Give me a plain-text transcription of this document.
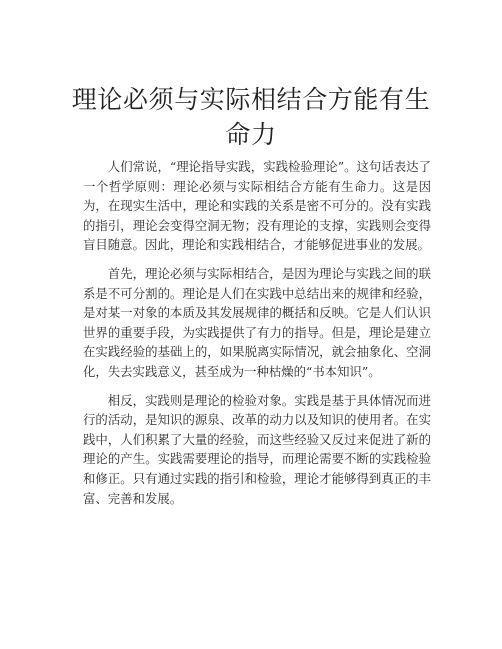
理论必须与实际相结合方能有生命力

人们常说，“理论指导实践，实践检验理论”。这句话表达了一个哲学原则：理论必须与实际相结合方能有生命力。这是因为，在现实生活中，理论和实践的关系是密不可分的。没有实践的指引，理论会变得空洞无物；没有理论的支撑，实践则会变得盲目随意。因此，理论和实践相结合，才能够促进事业的发展。

首先，理论必须与实际相结合，是因为理论与实践之间的联系是不可分割的。理论是人们在实践中总结出来的规律和经验，是对某一对象的本质及其发展规律的概括和反映。它是人们认识世界的重要手段，为实践提供了有力的指导。但是，理论是建立在实践经验的基础上的，如果脱离实际情况，就会抽象化、空洞化，失去实践意义，甚至成为一种枯燥的“书本知识”。

相反，实践则是理论的检验对象。实践是基于具体情况而进行的活动，是知识的源泉、改革的动力以及知识的使用者。在实践中，人们积累了大量的经验，而这些经验又反过来促进了新的理论的产生。实践需要理论的指导，而理论需要不断的实践检验和修正。只有通过实践的指引和检验，理论才能够得到真正的丰富、完善和发展。
